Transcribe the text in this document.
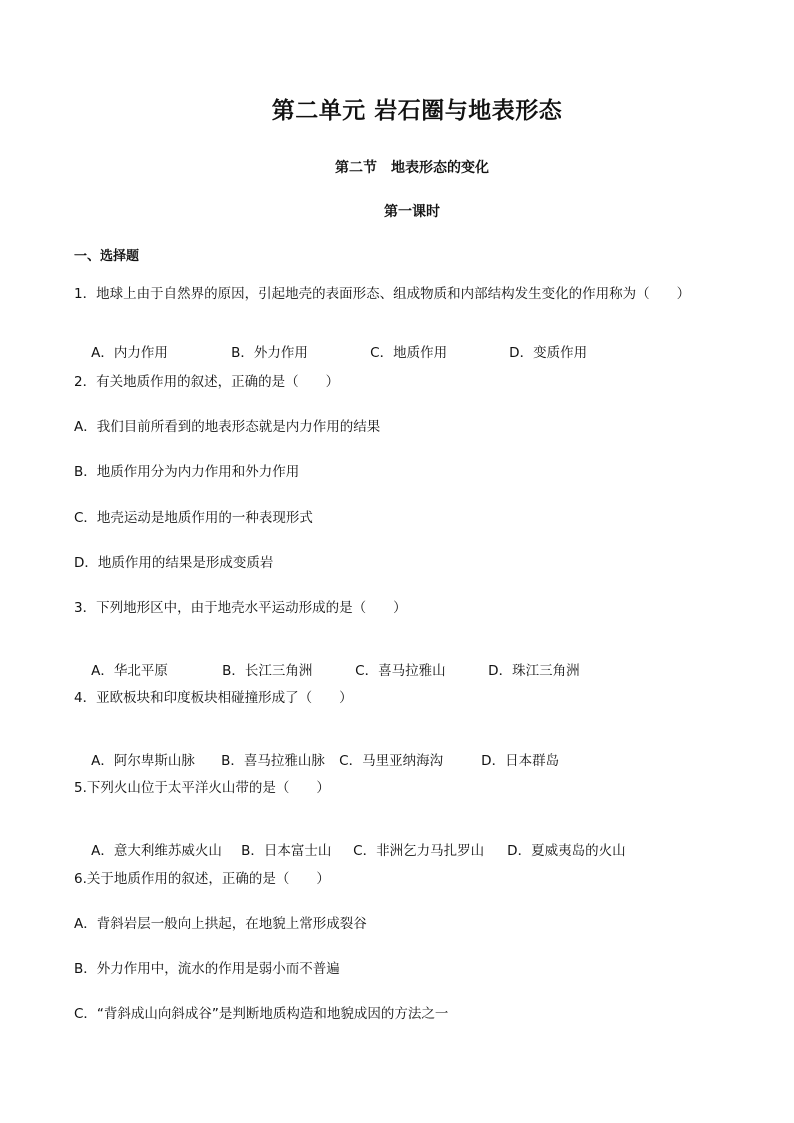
第二单元 岩石圈与地表形态
第二节　地表形态的变化
第一课时
一、选择题
1．地球上由于自然界的原因，引起地壳的表面形态、组成物质和内部结构发生变化的作用称为（　　）

A．内力作用	B．外力作用	C．地质作用	D．变质作用

2．有关地质作用的叙述，正确的是（　　）
A．我们目前所看到的地表形态就是内力作用的结果
B．地质作用分为内力作用和外力作用
C．地壳运动是地质作用的一种表现形式
D．地质作用的结果是形成变质岩
3．下列地形区中，由于地壳水平运动形成的是（　　）

A．华北平原	B．长江三角洲	C．喜马拉雅山	D．珠江三角洲

4．亚欧板块和印度板块相碰撞形成了（　　）

A．阿尔卑斯山脉 B．喜马拉雅山脉 C．马里亚纳海沟	D．日本群岛

5.下列火山位于太平洋火山带的是（　　）

A．意大利维苏威火山 B．日本富士山 C．非洲乞力马扎罗山 D．夏威夷岛的火山

6.关于地质作用的叙述，正确的是（　　）
A．背斜岩层一般向上拱起，在地貌上常形成裂谷
B．外力作用中，流水的作用是弱小而不普遍
C．“背斜成山向斜成谷”是判断地质构造和地貌成因的方法之一
